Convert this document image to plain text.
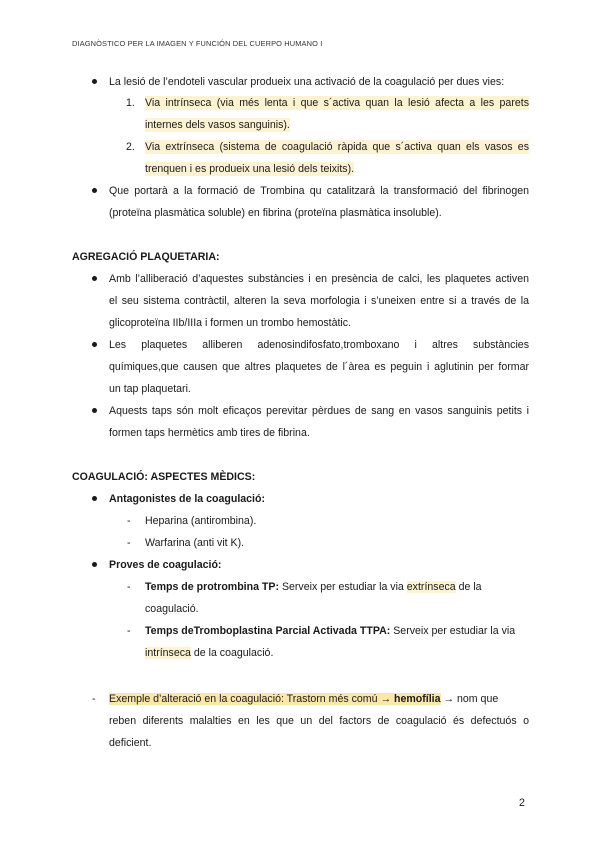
DIAGNÒSTICO PER LA IMAGEN Y FUNCIÓN DEL CUERPO HUMANO I
La lesió de l’endoteli vascular produeix una activació de la coagulació per dues vies:
1. Via intrínseca (via més lenta i que s´activa quan la lesió afecta a les parets
internes dels vasos sanguinis).
2. Via extrínseca (sistema de coagulació ràpida que s´activa quan els vasos es
trenquen i es produeix una lesió dels teixits).
Que portarà a la formació de Trombina qu catalitzarà la transformació del fibrinogen
(proteïna plasmàtica soluble) en fibrina (proteïna plasmàtica insoluble).
AGREGACIÓ PLAQUETARIA:
Amb l’alliberació d’aquestes substàncies i en presència de calci, les plaquetes activen
el seu sistema contràctil, alteren la seva morfologia i s’uneixen entre si a través de la
glicoproteïna IIb/IIIa i formen un trombo hemostàtic.
Les plaquetes alliberen adenosindifosfato,tromboxano i altres substàncies
químiques,que causen que altres plaquetes de l´àrea es peguin i aglutinin per formar
un tap plaquetari.
Aquests taps són molt eficaços perevitar pèrdues de sang en vasos sanguinis petits i
formen taps hermètics amb tires de fibrina.
COAGULACIÓ: ASPECTES MÈDICS:
Antagonistes de la coagulació:
- Heparina (antirombina).
- Warfarina (anti vit K).
Proves de coagulació:
- Temps de protrombina TP: Serveix per estudiar la via extrínseca de la
coagulació.
- Temps deTromboplastina Parcial Activada TTPA: Serveix per estudiar la via
intrínseca de la coagulació.
- Exemple d’alteració en la coagulació: Trastorn més comú → hemofília → nom que
reben diferents malalties en les que un del factors de coagulació és defectuós o
deficient.
2
